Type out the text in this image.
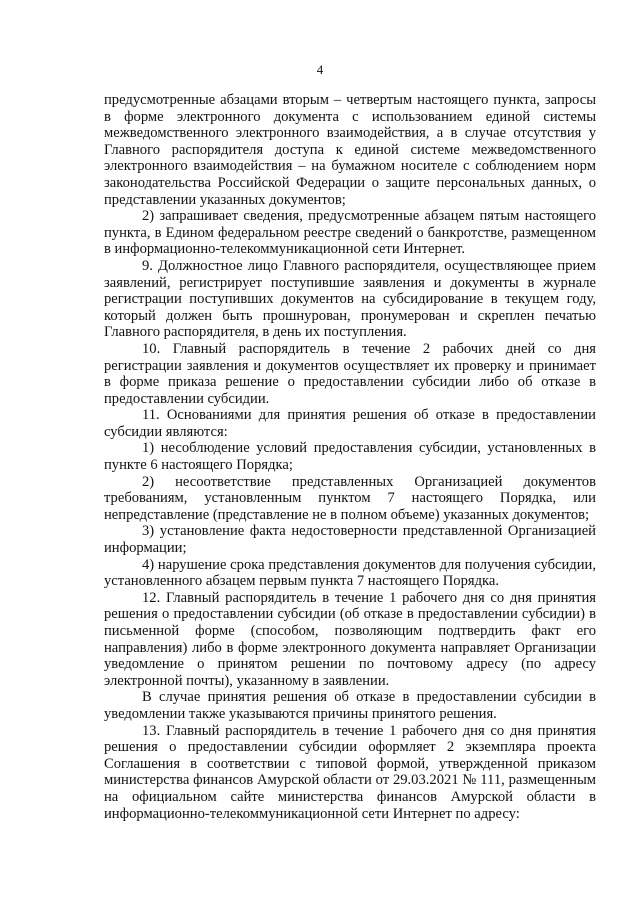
4

предусмотренные абзацами вторым – четвертым настоящего пункта, запросы в форме электронного документа с использованием единой системы межведомственного электронного взаимодействия, а в случае отсутствия у Главного распорядителя доступа к единой системе межведомственного электронного взаимодействия – на бумажном носителе с соблюдением норм законодательства Российской Федерации о защите персональных данных, о представлении указанных документов;

2) запрашивает сведения, предусмотренные абзацем пятым настоящего пункта, в Едином федеральном реестре сведений о банкротстве, размещенном в информационно-телекоммуникационной сети Интернет.

9. Должностное лицо Главного распорядителя, осуществляющее прием заявлений, регистрирует поступившие заявления и документы в журнале регистрации поступивших документов на субсидирование в текущем году, который должен быть прошнурован, пронумерован и скреплен печатью Главного распорядителя, в день их поступления.

10. Главный распорядитель в течение 2 рабочих дней со дня регистрации заявления и документов осуществляет их проверку и принимает в форме приказа решение о предоставлении субсидии либо об отказе в предоставлении субсидии.

11. Основаниями для принятия решения об отказе в предоставлении субсидии являются:

1) несоблюдение условий предоставления субсидии, установленных в пункте 6 настоящего Порядка;

2) несоответствие представленных Организацией документов требованиям, установленным пунктом 7 настоящего Порядка, или непредставление (представление не в полном объеме) указанных документов;

3) установление факта недостоверности представленной Организацией информации;

4) нарушение срока представления документов для получения субсидии, установленного абзацем первым пункта 7 настоящего Порядка.

12. Главный распорядитель в течение 1 рабочего дня со дня принятия решения о предоставлении субсидии (об отказе в предоставлении субсидии) в письменной форме (способом, позволяющим подтвердить факт его направления) либо в форме электронного документа направляет Организации уведомление о принятом решении по почтовому адресу (по адресу электронной почты), указанному в заявлении.

В случае принятия решения об отказе в предоставлении субсидии в уведомлении также указываются причины принятого решения.

13. Главный распорядитель в течение 1 рабочего дня со дня принятия решения о предоставлении субсидии оформляет 2 экземпляра проекта Соглашения в соответствии с типовой формой, утвержденной приказом министерства финансов Амурской области от 29.03.2021 № 111, размещенным на официальном сайте министерства финансов Амурской области в информационно-телекоммуникационной сети Интернет по адресу:
